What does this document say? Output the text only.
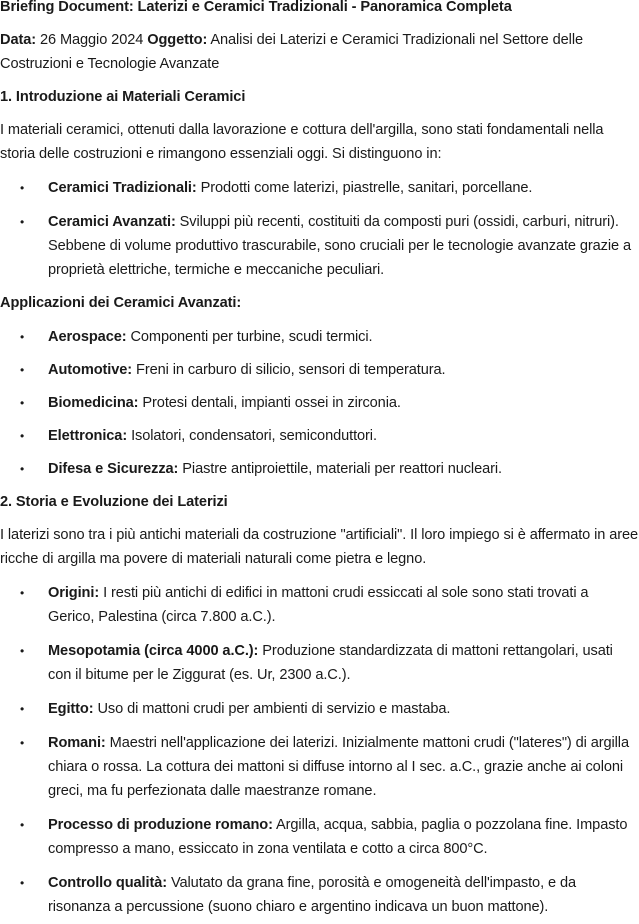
Briefing Document: Laterizi e Ceramici Tradizionali - Panoramica Completa
Data: 26 Maggio 2024 Oggetto: Analisi dei Laterizi e Ceramici Tradizionali nel Settore delle Costruzioni e Tecnologie Avanzate
1. Introduzione ai Materiali Ceramici
I materiali ceramici, ottenuti dalla lavorazione e cottura dell'argilla, sono stati fondamentali nella storia delle costruzioni e rimangono essenziali oggi. Si distinguono in:
• Ceramici Tradizionali: Prodotti come laterizi, piastrelle, sanitari, porcellane.
• Ceramici Avanzati: Sviluppi più recenti, costituiti da composti puri (ossidi, carburi, nitruri). Sebbene di volume produttivo trascurabile, sono cruciali per le tecnologie avanzate grazie a proprietà elettriche, termiche e meccaniche peculiari.
Applicazioni dei Ceramici Avanzati:
• Aerospace: Componenti per turbine, scudi termici.
• Automotive: Freni in carburo di silicio, sensori di temperatura.
• Biomedicina: Protesi dentali, impianti ossei in zirconia.
• Elettronica: Isolatori, condensatori, semiconduttori.
• Difesa e Sicurezza: Piastre antiproiettile, materiali per reattori nucleari.
2. Storia e Evoluzione dei Laterizi
I laterizi sono tra i più antichi materiali da costruzione "artificiali". Il loro impiego si è affermato in aree ricche di argilla ma povere di materiali naturali come pietra e legno.
• Origini: I resti più antichi di edifici in mattoni crudi essiccati al sole sono stati trovati a Gerico, Palestina (circa 7.800 a.C.).
• Mesopotamia (circa 4000 a.C.): Produzione standardizzata di mattoni rettangolari, usati con il bitume per le Ziggurat (es. Ur, 2300 a.C.).
• Egitto: Uso di mattoni crudi per ambienti di servizio e mastaba.
• Romani: Maestri nell'applicazione dei laterizi. Inizialmente mattoni crudi ("lateres") di argilla chiara o rossa. La cottura dei mattoni si diffuse intorno al I sec. a.C., grazie anche ai coloni greci, ma fu perfezionata dalle maestranze romane.
• Processo di produzione romano: Argilla, acqua, sabbia, paglia o pozzolana fine. Impasto compresso a mano, essiccato in zona ventilata e cotto a circa 800°C.
• Controllo qualità: Valutato da grana fine, porosità e omogeneità dell'impasto, e da risonanza a percussione (suono chiaro e argentino indicava un buon mattone).
